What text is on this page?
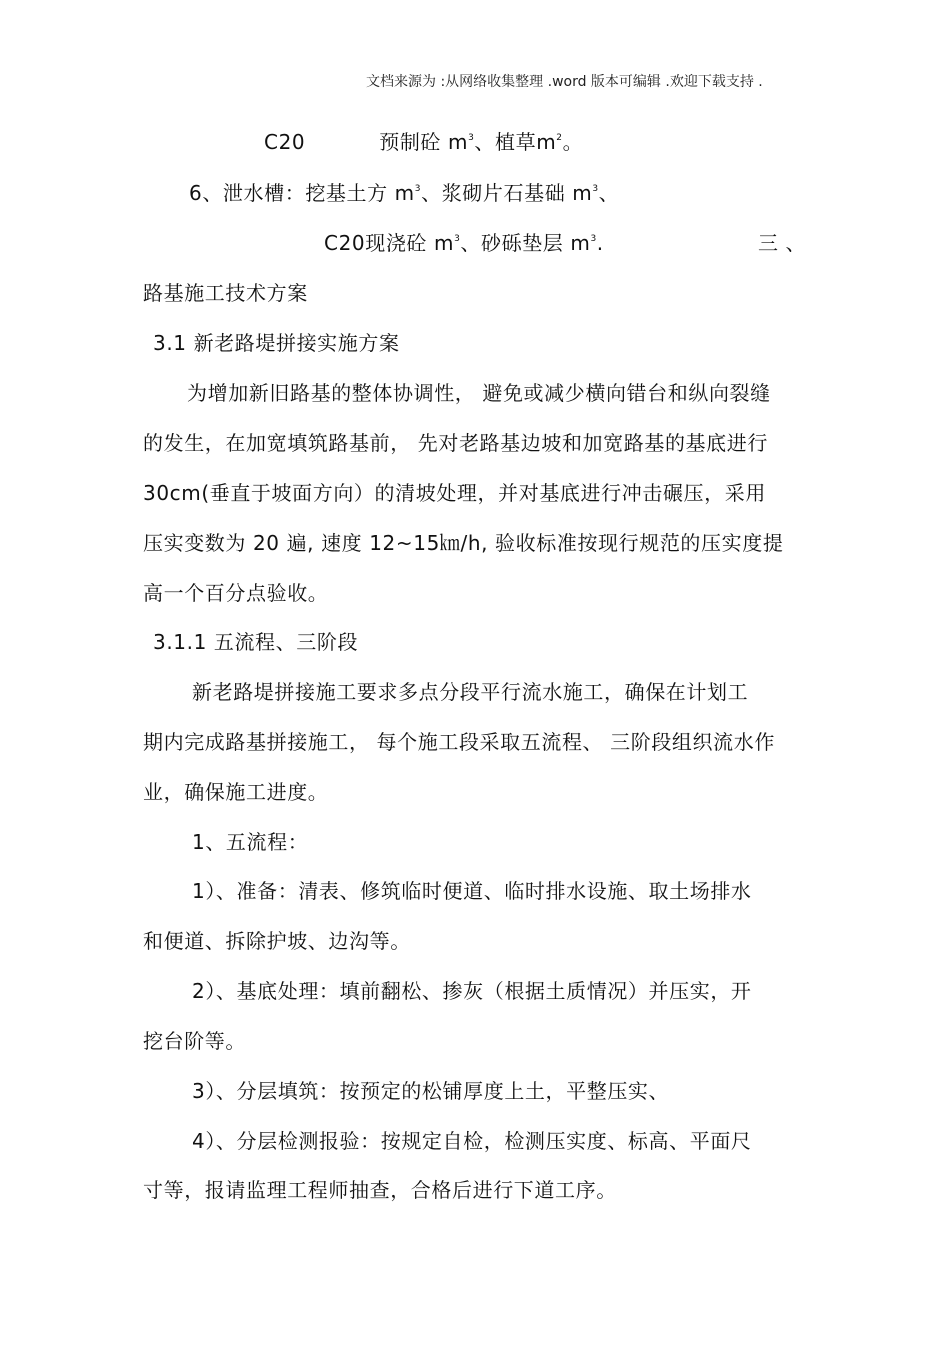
文档来源为 :从网络收集整理 .word 版本可编辑 .欢迎下载支持 .
C20	预制砼 $m^3$、植草$m^2$。
6、泄水槽：挖基土方 $m^3$、浆砌片石基础 $m^3$、
C20现浇砼 $m^3$、砂砾垫层 $m^3$.	三 、
路基施工技术方案
3.1 新老路堤拼接实施方案
为增加新旧路基的整体协调性， 避免或减少横向错台和纵向裂缝
的发生，在加宽填筑路基前， 先对老路基边坡和加宽路基的基底进行
30cm(垂直于坡面方向）的清坡处理，并对基底进行冲击碾压，采用
压实变数为 20 遍, 速度 12~15㎞/h, 验收标准按现行规范的压实度提
高一个百分点验收。
3.1.1 五流程、三阶段
新老路堤拼接施工要求多点分段平行流水施工，确保在计划工
期内完成路基拼接施工， 每个施工段采取五流程、 三阶段组织流水作
业，确保施工进度。
1、五流程：
1）、准备：清表、修筑临时便道、临时排水设施、取土场排水
和便道、拆除护坡、边沟等。
2）、基底处理：填前翻松、掺灰（根据土质情况）并压实，开
挖台阶等。
3）、分层填筑：按预定的松铺厚度上土，平整压实、
4）、分层检测报验：按规定自检，检测压实度、标高、平面尺
寸等，报请监理工程师抽查，合格后进行下道工序。
